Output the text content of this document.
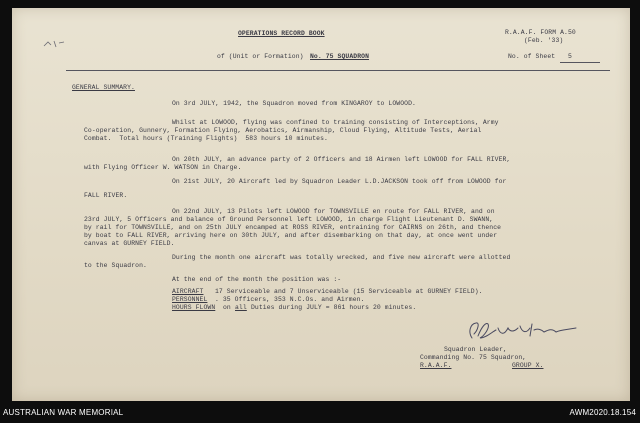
OPERATIONS RECORD BOOK	R.A.A.F. FORM A.50
(Feb. '33)
of (Unit or Formation) No. 75 SQUADRON	No. of Sheet 5
GENERAL SUMMARY.
On 3rd JULY, 1942, the Squadron moved from KINGAROY to LOWOOD.
Whilst at LOWOOD, flying was confined to training consisting of Interceptions, Army
Co-operation, Gunnery, Formation Flying, Aerobatics, Airmanship, Cloud Flying, Altitude Tests, Aerial
Combat.  Total hours (Training Flights)  583 hours 10 minutes.
On 20th JULY, an advance party of 2 Officers and 18 Airmen left LOWOOD for FALL RIVER,
with Flying Officer W. WATSON in Charge.
On 21st JULY, 20 Aircraft led by Squadron Leader L.D.JACKSON took off from LOWOOD for
FALL RIVER.
On 22nd JULY, 13 Pilots left LOWOOD for TOWNSVILLE en route for FALL RIVER, and on
23rd JULY, 5 Officers and balance of Ground Personnel left LOWOOD, in charge Flight Lieutenant D. SWANN,
by rail for TOWNSVILLE, and on 25th JULY encamped at ROSS RIVER, entraining for CAIRNS on 26th, and thence
by boat to FALL RIVER, arriving here on 30th JULY, and after disembarking on that day, at once went under
canvas at GURNEY FIELD.
During the month one aircraft was totally wrecked, and five new aircraft were allotted
to the Squadron.
At the end of the month the position was :-
AIRCRAFT 17 Serviceable and 7 Unserviceable (15 Serviceable at GURNEY FIELD).
PERSONNEL . 35 Officers, 353 N.C.Os. and Airmen.
HOURS FLOWN on all Duties during JULY = 861 hours 20 minutes.
Squadron Leader,
Commanding No. 75 Squadron,
R.A.A.F.	GROUP X.
AUSTRALIAN WAR MEMORIAL	AWM2020.18.154
